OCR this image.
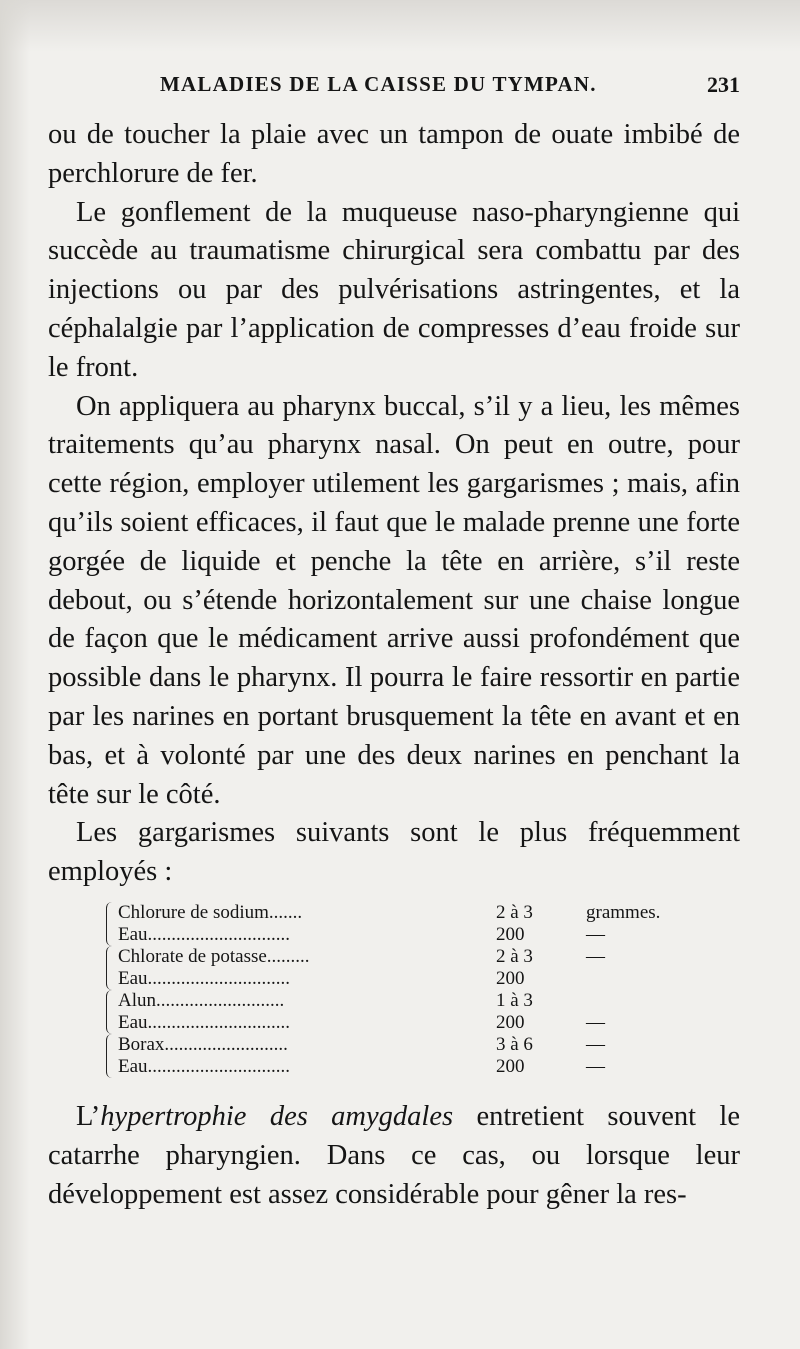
MALADIES DE LA CAISSE DU TYMPAN.	231

ou de toucher la plaie avec un tampon de ouate imbibé de perchlorure de fer.

Le gonflement de la muqueuse naso-pharyngienne qui succède au traumatisme chirurgical sera combattu par des injections ou par des pulvérisations astringentes, et la céphalalgie par l’application de compresses d’eau froide sur le front.

On appliquera au pharynx buccal, s’il y a lieu, les mêmes traitements qu’au pharynx nasal. On peut en outre, pour cette région, employer utilement les gargarismes ; mais, afin qu’ils soient efficaces, il faut que le malade prenne une forte gorgée de liquide et penche la tête en arrière, s’il reste debout, ou s’étende horizontalement sur une chaise longue de façon que le médicament arrive aussi profondément que possible dans le pharynx. Il pourra le faire ressortir en partie par les narines en portant brusquement la tête en avant et en bas, et à volonté par une des deux narines en penchant la tête sur le côté.

Les gargarismes suivants sont le plus fréquemment employés :

Chlorure de sodium.......	2 à 3	grammes.
Eau..............................	200	—
Chlorate de potasse.........	2 à 3	—
Eau..............................	200
Alun...........................	1 à 3
Eau..............................	200	—
Borax..........................	3 à 6	—
Eau..............................	200	—

L’hypertrophie des amygdales entretient souvent le catarrhe pharyngien. Dans ce cas, ou lorsque leur développement est assez considérable pour gêner la res-
